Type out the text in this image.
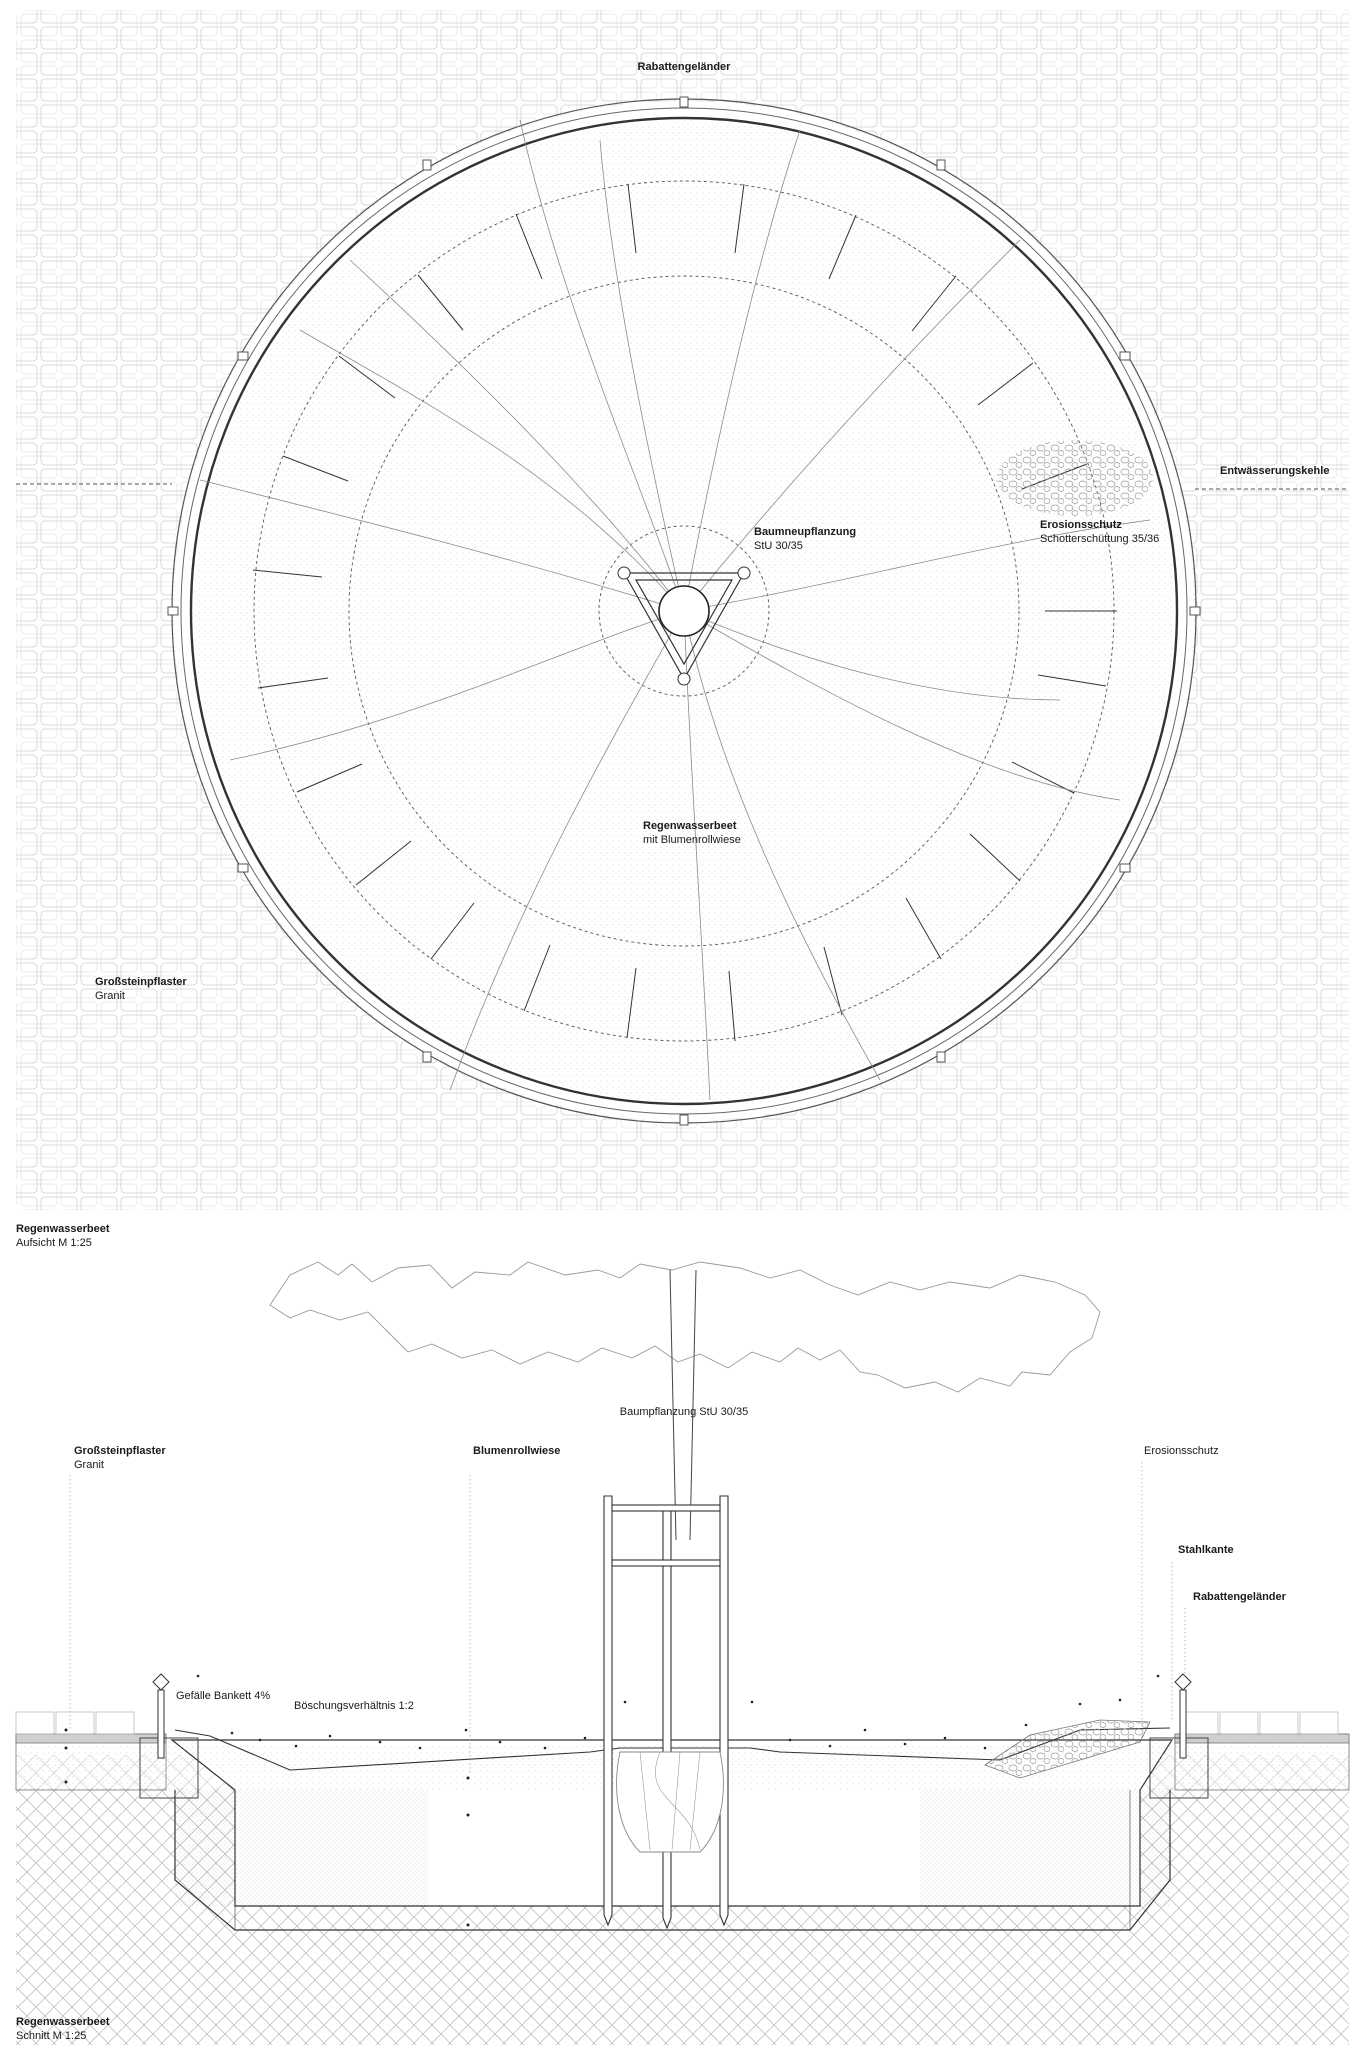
Rabattengeländer
Entwässerungskehle
Erosionsschutz
Schotterschüttung 35/36
Baumneupflanzung
StU 30/35
Regenwasserbeet
mit Blumenrollwiese
Großsteinpflaster
Granit
Regenwasserbeet
Aufsicht M 1:25
Baumpflanzung StU 30/35
Großsteinpflaster
Granit
Blumenrollwiese	Erosionsschutz
Stahlkante
Rabattengeländer
Gefälle Bankett 4%
Böschungsverhältnis 1:2
Regenwasserbeet
Schnitt M 1:25
